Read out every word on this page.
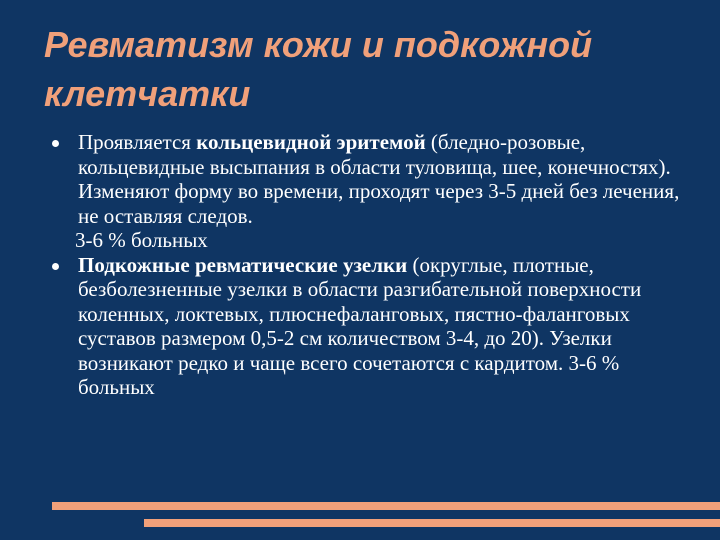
Ревматизм кожи и подкожной клетчатки
Проявляется кольцевидной эритемой (бледно-розовые, кольцевидные высыпания в области туловища, шее, конечностях). Изменяют форму во времени, проходят через 3-5 дней без лечения, не оставляя следов.
3-6 % больных
Подкожные ревматические узелки (округлые, плотные, безболезненные узелки в области разгибательной поверхности коленных, локтевых, плюснефаланговых, пястно-фаланговых суставов размером 0,5-2 см количеством 3-4, до 20). Узелки возникают редко и чаще всего сочетаются с кардитом. 3-6 % больных
